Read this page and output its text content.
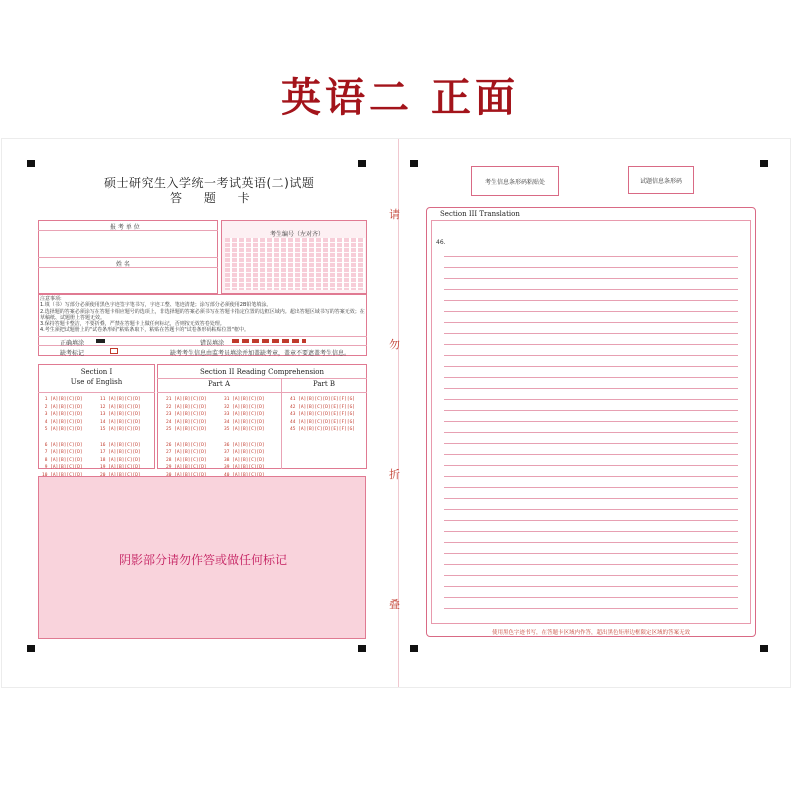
英语二 正面
请
勿
折
叠
硕士研究生入学统一考试英语(二)试题
答 题 卡
报 考 单 位
姓 名
考生编号（左对齐）
注意事项:
1.填（书）写部分必须使用黑色字迹签字笔书写，字迹工整、笔迹清楚；涂写部分必须使用2B铅笔填涂。
2.选择题的答案必须涂写在答题卡相应题号的选项上，非选择题的答案必须书写在答题卡指定位置的边框区域内。超出答题区域书写的答案无效；在草稿纸、试题册上答题无效。
3.保持答题卡整洁，不要折叠，严禁在答题卡上做任何标记，否则按无效答卷处理。
4.考生须把试题册上的"试卷条形码"粘贴条取下，粘贴在答题卡的"试卷条形码粘贴位置"框中。
正确填涂	错误填涂
缺考标记	缺考考生信息由监考员填涂并加盖缺考章，盖章不要遮盖考生信息。
Section I
Use of English
Section II Reading Comprehension
Part A	Part B
1 [A][B][C][D]
2 [A][B][C][D]
3 [A][B][C][D]
4 [A][B][C][D]
5 [A][B][C][D]

6 [A][B][C][D]
7 [A][B][C][D]
8 [A][B][C][D]
9 [A][B][C][D]

11 [A][B][C][D]
12 [A][B][C][D]
13 [A][B][C][D]
14 [A][B][C][D]
15 [A][B][C][D]

16 [A][B][C][D]
17 [A][B][C][D]
18 [A][B][C][D]
19 [A][B][C][D]

21 [A][B][C][D]
22 [A][B][C][D]
23 [A][B][C][D]
24 [A][B][C][D]
25 [A][B][C][D]

26 [A][B][C][D]
27 [A][B][C][D]
28 [A][B][C][D]
29 [A][B][C][D]

31 [A][B][C][D]
32 [A][B][C][D]
33 [A][B][C][D]
34 [A][B][C][D]
35 [A][B][C][D]

36 [A][B][C][D]
37 [A][B][C][D]
38 [A][B][C][D]
39 [A][B][C][D]

41 [A][B][C][D][E][F][G]
42 [A][B][C][D][E][F][G]
43 [A][B][C][D][E][F][G]
44 [A][B][C][D][E][F][G]
45 [A][B][C][D][E][F][G]
阴影部分请勿作答或做任何标记
考生信息条形码粘贴处	试题信息条形码
Section III Translation
46.
使用黑色字迹书写，在答题卡区域内作答，超出黑色矩形边框限定区域的答案无效
